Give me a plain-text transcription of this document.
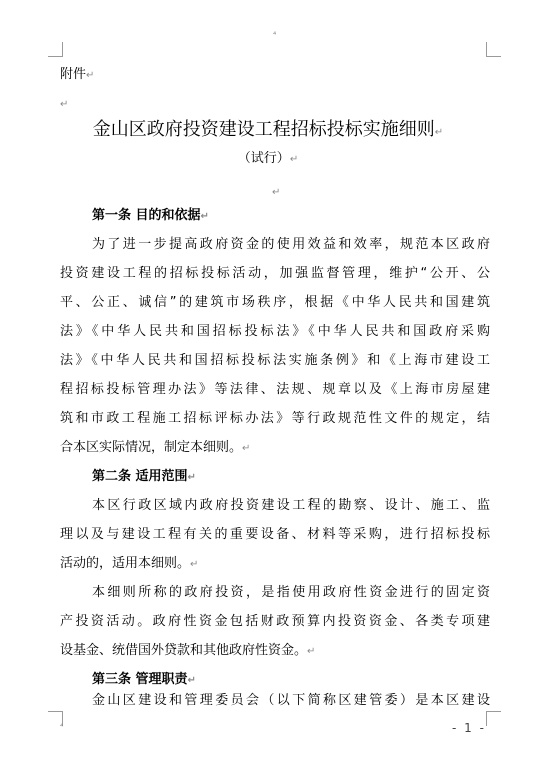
⁴
附件↵
↵
金山区政府投资建设工程招标投标实施细则↵
（试行）↵
↵
第一条 目的和依据↵
为了进一步提高政府资金的使用效益和效率，规范本区政府
投资建设工程的招标投标活动，加强监督管理，维护“公开、公
平、公正、诚信”的建筑市场秩序，根据《中华人民共和国建筑
法》《中华人民共和国招标投标法》《中华人民共和国政府采购
法》《中华人民共和国招标投标法实施条例》和《上海市建设工
程招标投标管理办法》等法律、法规、规章以及《上海市房屋建
筑和市政工程施工招标评标办法》等行政规范性文件的规定，结
合本区实际情况，制定本细则。↵
第二条 适用范围↵
本区行政区域内政府投资建设工程的勘察、设计、施工、监
理以及与建设工程有关的重要设备、材料等采购，进行招标投标
活动的，适用本细则。↵
本细则所称的政府投资，是指使用政府性资金进行的固定资
产投资活动。政府性资金包括财政预算内投资资金、各类专项建
设基金、统借国外贷款和其他政府性资金。↵
第三条 管理职责↵
金山区建设和管理委员会（以下简称区建管委）是本区建设
⁴	- 1 -
